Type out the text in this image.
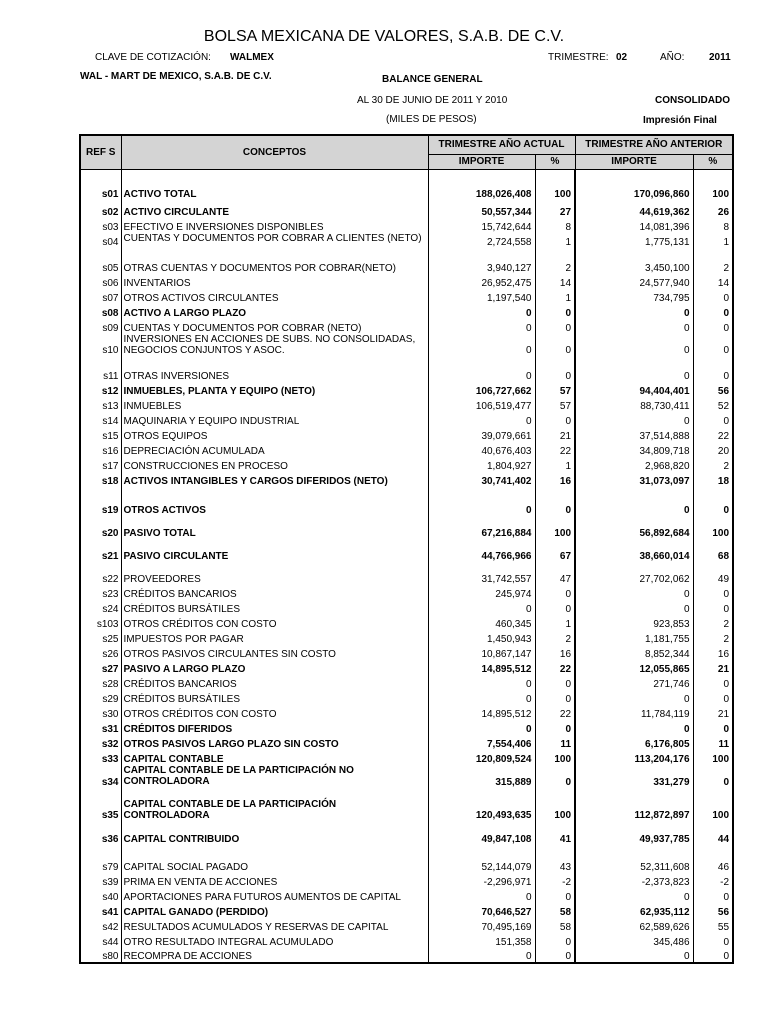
BOLSA MEXICANA DE VALORES, S.A.B. DE C.V.
CLAVE DE COTIZACIÓN: WALMEX	TRIMESTRE: 02	AÑO: 2011
WAL - MART DE MEXICO, S.A.B. DE C.V.	BALANCE GENERAL
AL 30 DE JUNIO DE 2011 Y 2010	CONSOLIDADO
(MILES DE PESOS)	Impresión Final
REF S	CONCEPTOS	TRIMESTRE AÑO ACTUAL		TRIMESTRE AÑO ANTERIOR	
		IMPORTE	%	IMPORTE	%
s01	ACTIVO TOTAL	188,026,408	100	170,096,860	100
s02	ACTIVO CIRCULANTE	50,557,344	27	44,619,362	26
s03	EFECTIVO E INVERSIONES DISPONIBLES	15,742,644	8	14,081,396	8
s04	CUENTAS Y DOCUMENTOS POR COBRAR A CLIENTES (NETO)	2,724,558	1	1,775,131	1
s05	OTRAS CUENTAS Y DOCUMENTOS POR COBRAR(NETO)	3,940,127	2	3,450,100	2
s06	INVENTARIOS	26,952,475	14	24,577,940	14
s07	OTROS ACTIVOS CIRCULANTES	1,197,540	1	734,795	0
s08	ACTIVO A LARGO PLAZO	0	0	0	0
s09	CUENTAS Y DOCUMENTOS POR COBRAR (NETO)	0	0	0	0
s10	INVERSIONES EN ACCIONES DE SUBS. NO CONSOLIDADAS, NEGOCIOS CONJUNTOS Y ASOC.	0	0	0	0
s11	OTRAS INVERSIONES	0	0	0	0
s12	INMUEBLES, PLANTA Y EQUIPO (NETO)	106,727,662	57	94,404,401	56
s13	INMUEBLES	106,519,477	57	88,730,411	52
s14	MAQUINARIA Y EQUIPO INDUSTRIAL	0	0	0	0
s15	OTROS EQUIPOS	39,079,661	21	37,514,888	22
s16	DEPRECIACIÓN ACUMULADA	40,676,403	22	34,809,718	20
s17	CONSTRUCCIONES EN PROCESO	1,804,927	1	2,968,820	2
s18	ACTIVOS INTANGIBLES Y CARGOS DIFERIDOS (NETO)	30,741,402	16	31,073,097	18
s19	OTROS ACTIVOS	0	0	0	0
s20	PASIVO TOTAL	67,216,884	100	56,892,684	100
s21	PASIVO CIRCULANTE	44,766,966	67	38,660,014	68
s22	PROVEEDORES	31,742,557	47	27,702,062	49
s23	CRÉDITOS BANCARIOS	245,974	0	0	0
s24	CRÉDITOS BURSÁTILES	0	0	0	0
s103	OTROS CRÉDITOS CON COSTO	460,345	1	923,853	2
s25	IMPUESTOS POR PAGAR	1,450,943	2	1,181,755	2
s26	OTROS PASIVOS CIRCULANTES SIN COSTO	10,867,147	16	8,852,344	16
s27	PASIVO A LARGO PLAZO	14,895,512	22	12,055,865	21
s28	CRÉDITOS BANCARIOS	0	0	271,746	0
s29	CRÉDITOS BURSÁTILES	0	0	0	0
s30	OTROS CRÉDITOS CON COSTO	14,895,512	22	11,784,119	21
s31	CRÉDITOS DIFERIDOS	0	0	0	0
s32	OTROS PASIVOS LARGO PLAZO SIN COSTO	7,554,406	11	6,176,805	11
s33	CAPITAL CONTABLE	120,809,524	100	113,204,176	100
s34	CAPITAL CONTABLE DE LA PARTICIPACIÓN NO CONTROLADORA	315,889	0	331,279	0
s35	CAPITAL CONTABLE DE LA PARTICIPACIÓN CONTROLADORA	120,493,635	100	112,872,897	100
s36	CAPITAL CONTRIBUIDO	49,847,108	41	49,937,785	44
s79	CAPITAL SOCIAL PAGADO	52,144,079	43	52,311,608	46
s39	PRIMA EN VENTA DE ACCIONES	-2,296,971	-2	-2,373,823	-2
s40	APORTACIONES PARA FUTUROS AUMENTOS DE CAPITAL	0	0	0	0
s41	CAPITAL GANADO (PERDIDO)	70,646,527	58	62,935,112	56
s42	RESULTADOS ACUMULADOS Y RESERVAS DE CAPITAL	70,495,169	58	62,589,626	55
s44	OTRO RESULTADO INTEGRAL ACUMULADO	151,358	0	345,486	0
s80	RECOMPRA DE ACCIONES	0	0	0	0
